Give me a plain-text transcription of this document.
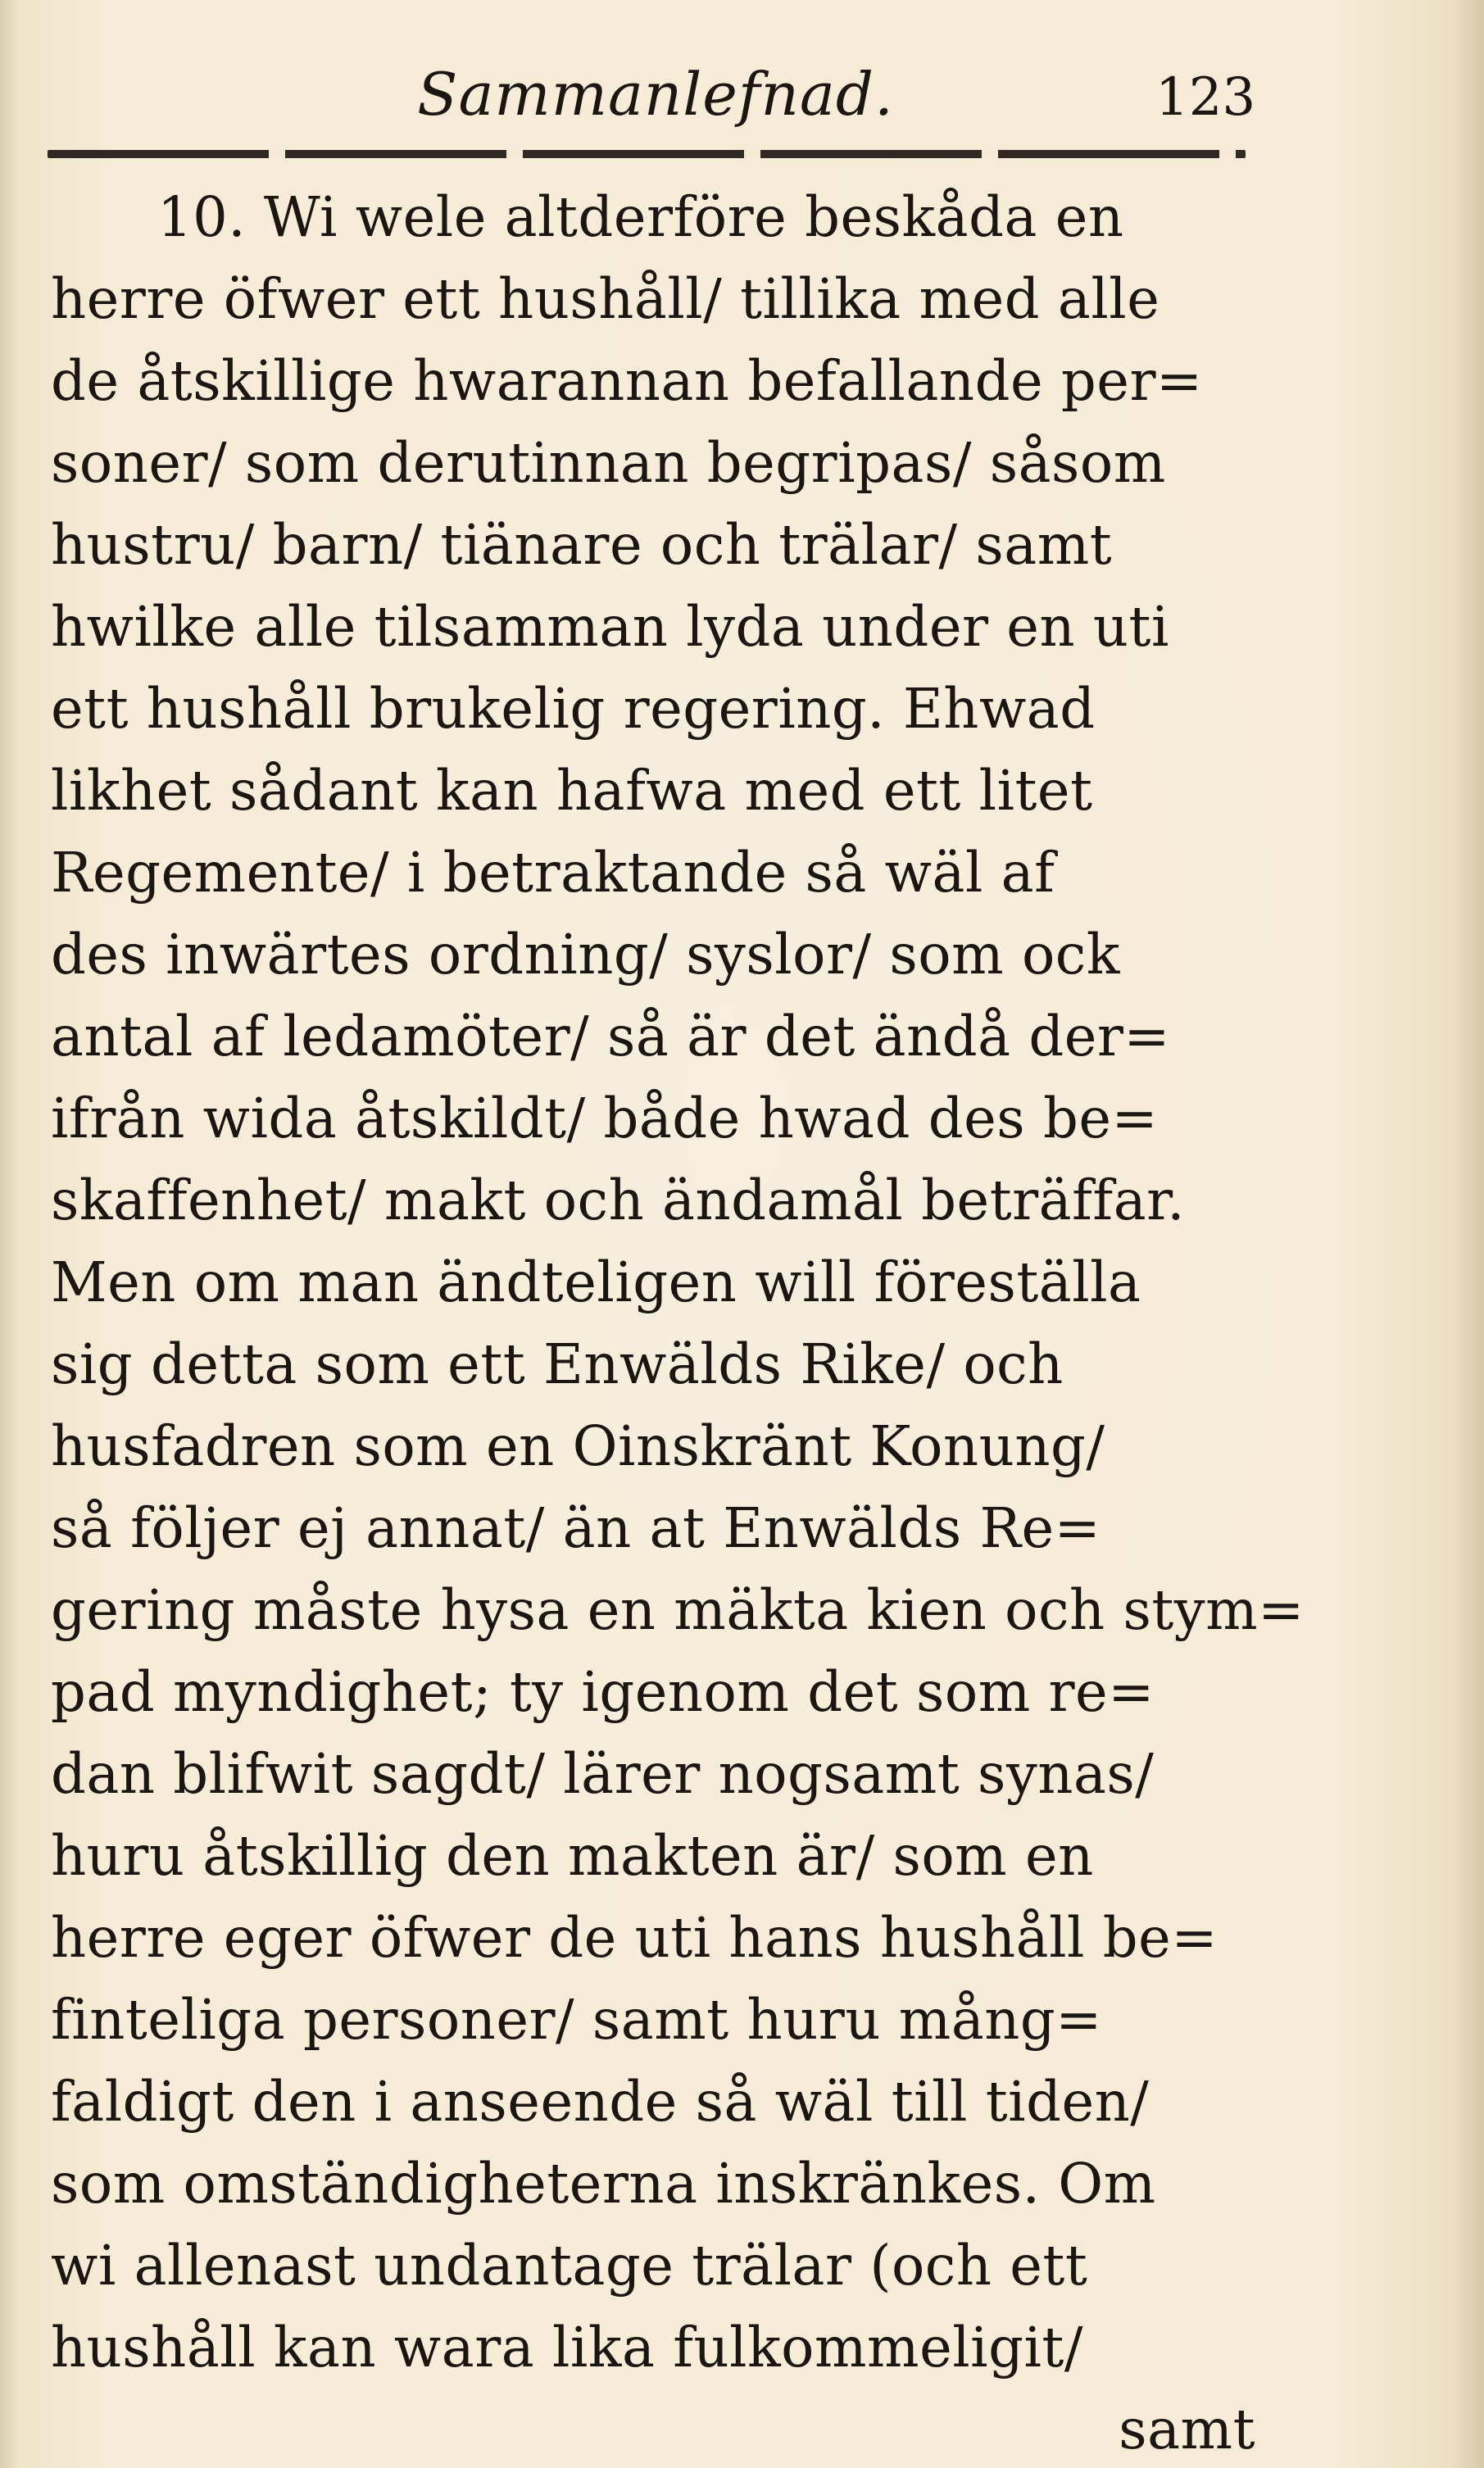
Sammanlefnad.	123
10. Wi wele altderföre beskåda en
herre öfwer ett hushåll/ tillika med alle
de åtskillige hwarannan befallande per=
soner/ som derutinnan begripas/ såsom
hustru/ barn/ tiänare och trälar/ samt
hwilke alle tilsamman lyda under en uti
ett hushåll brukelig regering. Ehwad
likhet sådant kan hafwa med ett litet
Regemente/ i betraktande så wäl af
des inwärtes ordning/ syslor/ som ock
antal af ledamöter/ så är det ändå der=
ifrån wida åtskildt/ både hwad des be=
skaffenhet/ makt och ändamål beträffar.
Men om man ändteligen will föreställa
sig detta som ett Enwälds Rike/ och
husfadren som en Oinskränt Konung/
så följer ej annat/ än at Enwälds Re=
gering måste hysa en mäkta kien och stym=
pad myndighet; ty igenom det som re=
dan blifwit sagdt/ lärer nogsamt synas/
huru åtskillig den makten är/ som en
herre eger öfwer de uti hans hushåll be=
finteliga personer/ samt huru mång=
faldigt den i anseende så wäl till tiden/
som omständigheterna inskränkes. Om
wi allenast undantage trälar (och ett
hushåll kan wara lika fulkommeligit/
samt
